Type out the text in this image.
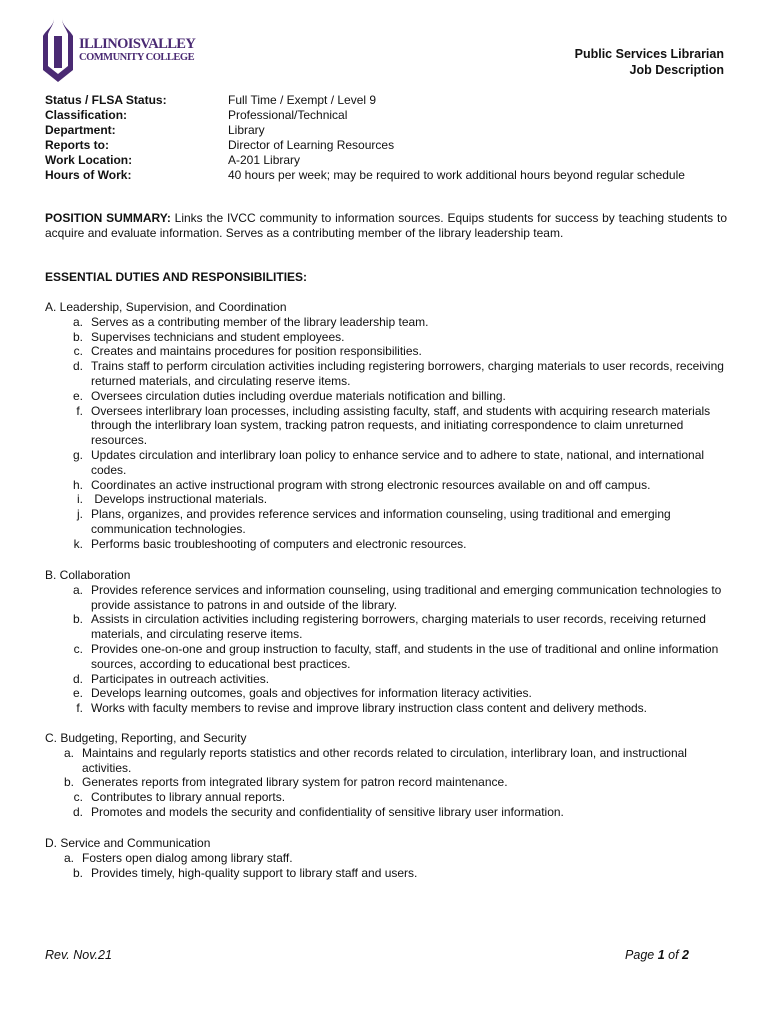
ILLINOISVALLEY
COMMUNITY COLLEGE	Public Services Librarian
Job Description
Status / FLSA Status:	Full Time / Exempt / Level 9
Classification:	Professional/Technical
Department:	Library
Reports to:	Director of Learning Resources
Work Location:	A-201 Library
Hours of Work:	40 hours per week; may be required to work additional hours beyond regular schedule
POSITION SUMMARY: Links the IVCC community to information sources. Equips students for success by teaching students to acquire and evaluate information. Serves as a contributing member of the library leadership team.
ESSENTIAL DUTIES AND RESPONSIBILITIES:
A. Leadership, Supervision, and Coordination
a. Serves as a contributing member of the library leadership team.
b. Supervises technicians and student employees.
c. Creates and maintains procedures for position responsibilities.
d. Trains staff to perform circulation activities including registering borrowers, charging materials to user records, receiving returned materials, and circulating reserve items.
e. Oversees circulation duties including overdue materials notification and billing.
f. Oversees interlibrary loan processes, including assisting faculty, staff, and students with acquiring research materials through the interlibrary loan system, tracking patron requests, and initiating correspondence to claim unreturned resources.
g. Updates circulation and interlibrary loan policy to enhance service and to adhere to state, national, and international codes.
h. Coordinates an active instructional program with strong electronic resources available on and off campus.
i. Develops instructional materials.
j. Plans, organizes, and provides reference services and information counseling, using traditional and emerging communication technologies.
k. Performs basic troubleshooting of computers and electronic resources.
B. Collaboration
a. Provides reference services and information counseling, using traditional and emerging communication technologies to provide assistance to patrons in and outside of the library.
b. Assists in circulation activities including registering borrowers, charging materials to user records, receiving returned materials, and circulating reserve items.
c. Provides one-on-one and group instruction to faculty, staff, and students in the use of traditional and online information sources, according to educational best practices.
d. Participates in outreach activities.
e. Develops learning outcomes, goals and objectives for information literacy activities.
f. Works with faculty members to revise and improve library instruction class content and delivery methods.
C. Budgeting, Reporting, and Security
a. Maintains and regularly reports statistics and other records related to circulation, interlibrary loan, and instructional activities.
b. Generates reports from integrated library system for patron record maintenance.
c. Contributes to library annual reports.
d. Promotes and models the security and confidentiality of sensitive library user information.
D. Service and Communication
a. Fosters open dialog among library staff.
b. Provides timely, high-quality support to library staff and users.
Rev. Nov.21	Page 1 of 2
